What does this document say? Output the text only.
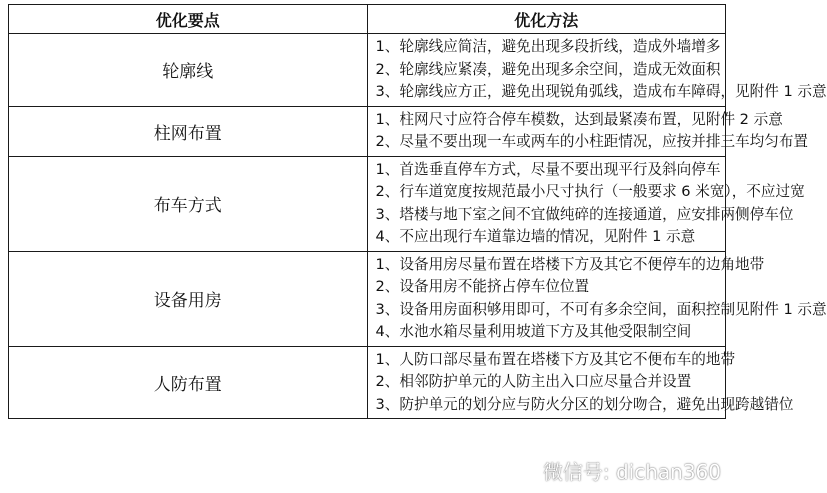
优化要点	优化方法
轮廓线	1、轮廓线应简洁，避免出现多段折线，造成外墙增多
2、轮廓线应紧凑，避免出现多余空间，造成无效面积
3、轮廓线应方正，避免出现锐角弧线，造成布车障碍，见附件 1 示意

柱网布置	1、柱网尺寸应符合停车模数，达到最紧凑布置，见附件 2 示意
2、尽量不要出现一车或两车的小柱距情况，应按并排三车均匀布置

布车方式	1、首选垂直停车方式，尽量不要出现平行及斜向停车
2、行车道宽度按规范最小尺寸执行（一般要求 6 米宽），不应过宽
3、塔楼与地下室之间不宜做纯碎的连接通道，应安排两侧停车位
4、不应出现行车道靠边墙的情况，见附件 1 示意

设备用房	1、设备用房尽量布置在塔楼下方及其它不便停车的边角地带
2、设备用房不能挤占停车位位置
3、设备用房面积够用即可，不可有多余空间，面积控制见附件 1 示意
4、水池水箱尽量利用坡道下方及其他受限制空间

人防布置	1、人防口部尽量布置在塔楼下方及其它不便布车的地带
2、相邻防护单元的人防主出入口应尽量合并设置
3、防护单元的划分应与防火分区的划分吻合，避免出现跨越错位
微信号: dichan360
